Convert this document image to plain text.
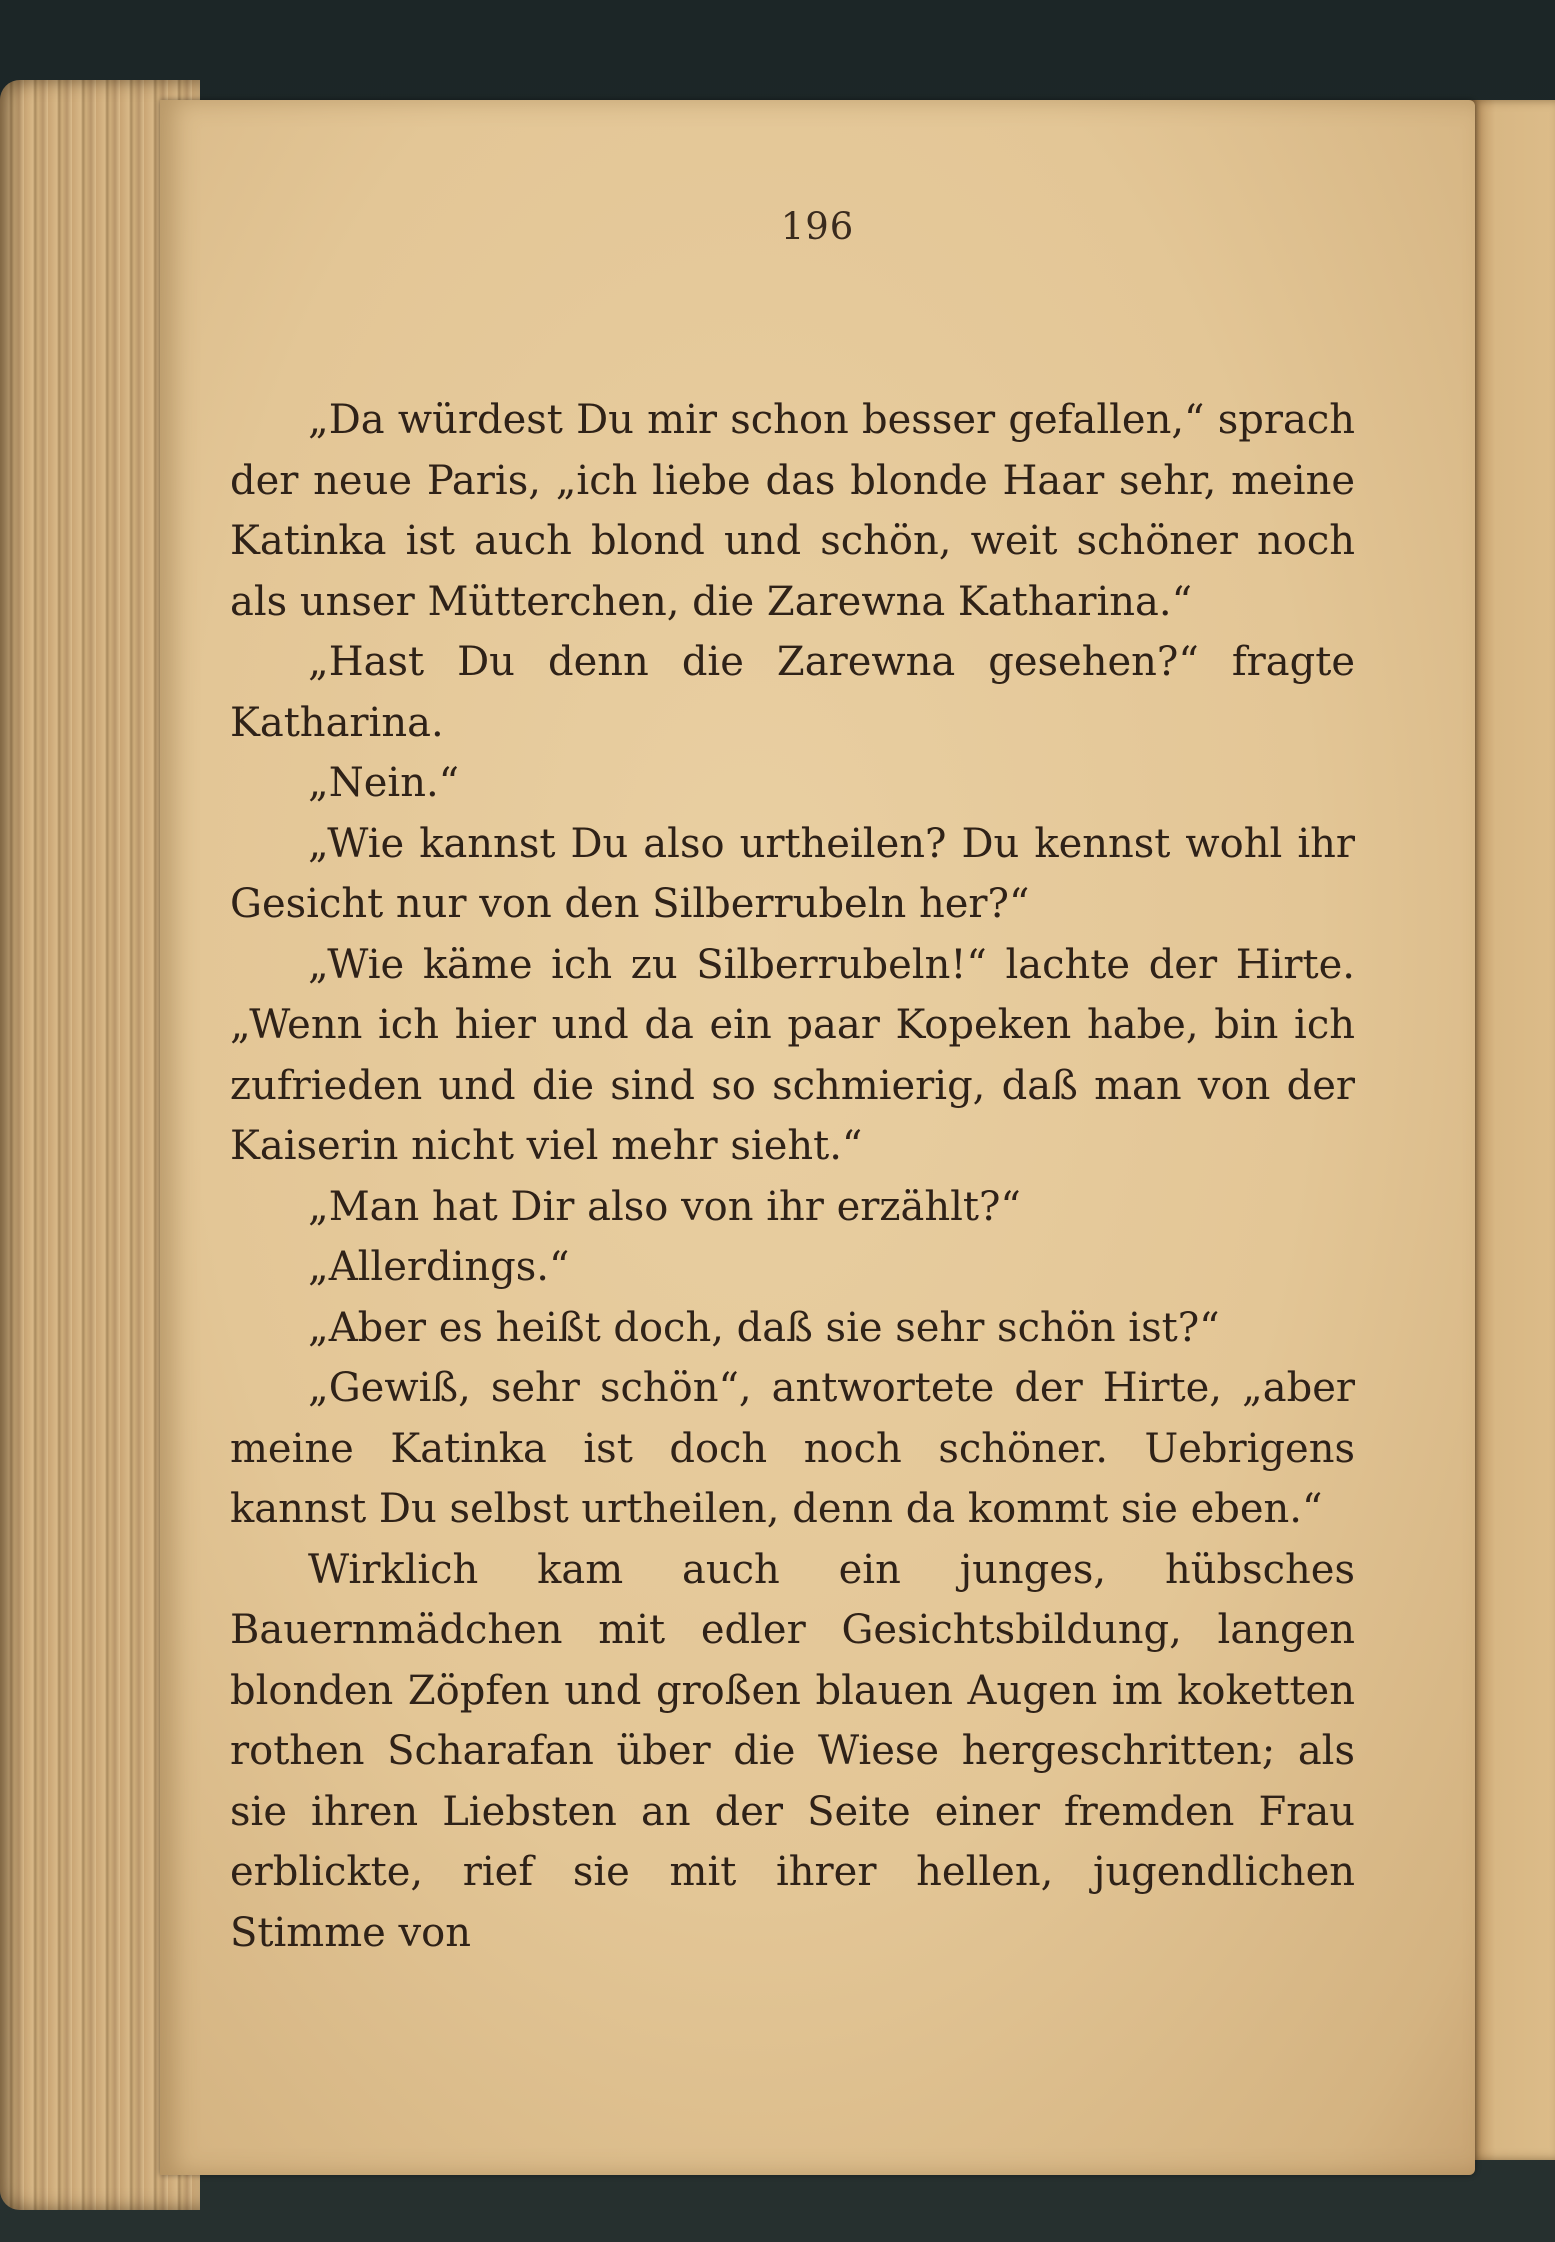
196

„Da würdest Du mir schon besser gefallen,“ sprach der neue Paris, „ich liebe das blonde Haar sehr, meine Katinka ist auch blond und schön, weit schöner noch als unser Mütterchen, die Zarewna Katharina.“

„Hast Du denn die Zarewna gesehen?“ fragte Katharina.

„Nein.“

„Wie kannst Du also urtheilen? Du kennst wohl ihr Gesicht nur von den Silberrubeln her?“

„Wie käme ich zu Silberrubeln!“ lachte der Hirte. „Wenn ich hier und da ein paar Kopeken habe, bin ich zufrieden und die sind so schmierig, daß man von der Kaiserin nicht viel mehr sieht.“

„Man hat Dir also von ihr erzählt?“

„Allerdings.“

„Aber es heißt doch, daß sie sehr schön ist?“

„Gewiß, sehr schön“, antwortete der Hirte, „aber meine Katinka ist doch noch schöner. Uebrigens kannst Du selbst urtheilen, denn da kommt sie eben.“

Wirklich kam auch ein junges, hübsches Bauernmädchen mit edler Gesichtsbildung, langen blonden Zöpfen und großen blauen Augen im koketten rothen Scharafan über die Wiese hergeschritten; als sie ihren Liebsten an der Seite einer fremden Frau erblickte, rief sie mit ihrer hellen, jugendlichen Stimme von
